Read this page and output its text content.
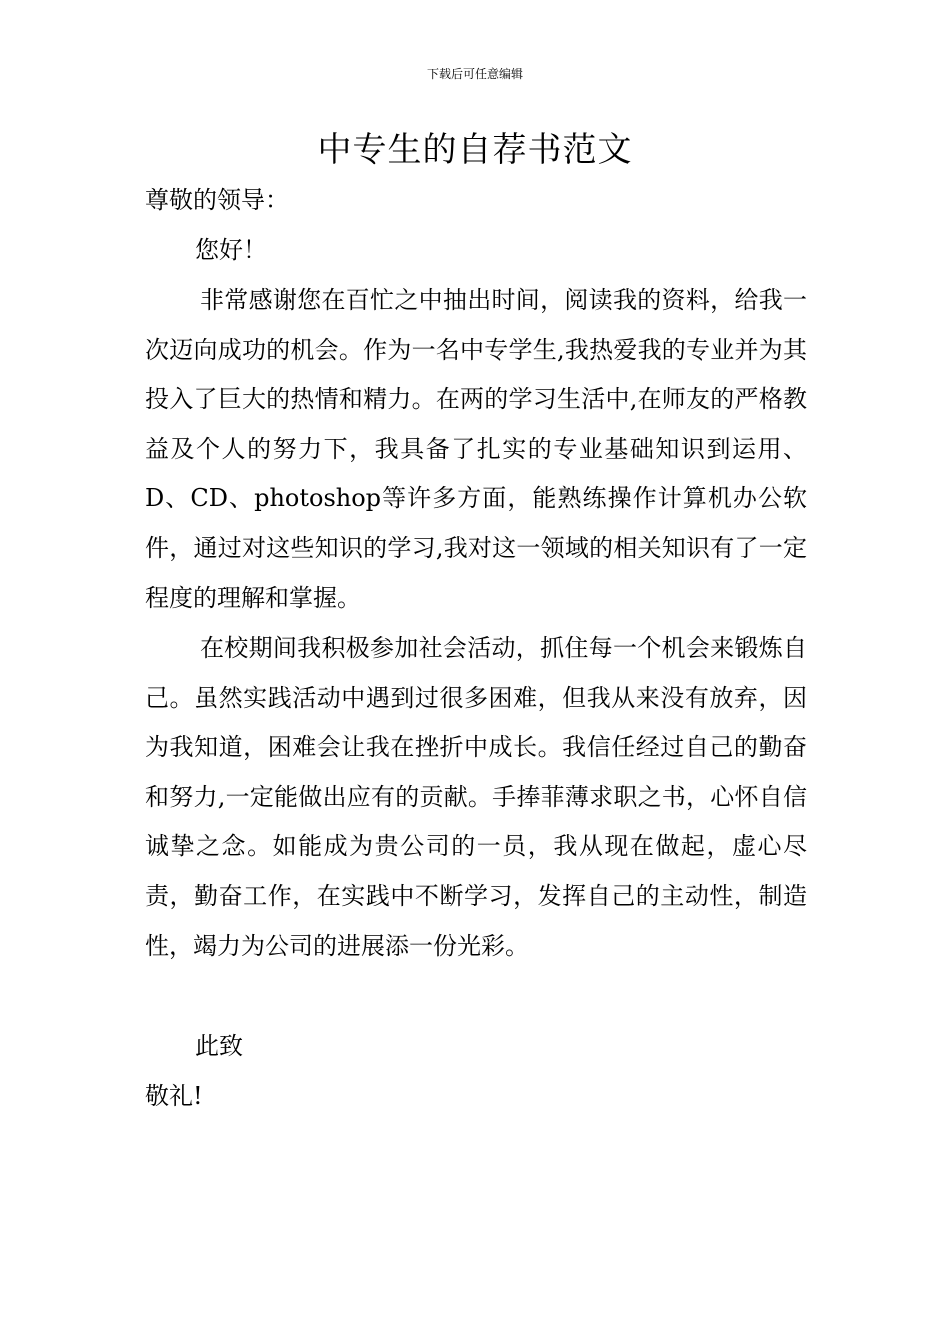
下载后可任意编辑
中专生的自荐书范文
尊敬的领导：
您好！
非常感谢您在百忙之中抽出时间，阅读我的资料，给我一次迈向成功的机会。作为一名中专学生,我热爱我的专业并为其投入了巨大的热情和精力。在两的学习生活中,在师友的严格教益及个人的努力下，我具备了扎实的专业基础知识到运用、D、CD、photoshop等许多方面，能熟练操作计算机办公软件，通过对这些知识的学习,我对这一领域的相关知识有了一定程度的理解和掌握。
在校期间我积极参加社会活动，抓住每一个机会来锻炼自己。虽然实践活动中遇到过很多困难，但我从来没有放弃，因为我知道，困难会让我在挫折中成长。我信任经过自己的勤奋和努力,一定能做出应有的贡献。手捧菲薄求职之书，心怀自信诚挚之念。如能成为贵公司的一员，我从现在做起，虚心尽责，勤奋工作，在实践中不断学习，发挥自己的主动性，制造性，竭力为公司的进展添一份光彩。
此致
敬礼!
